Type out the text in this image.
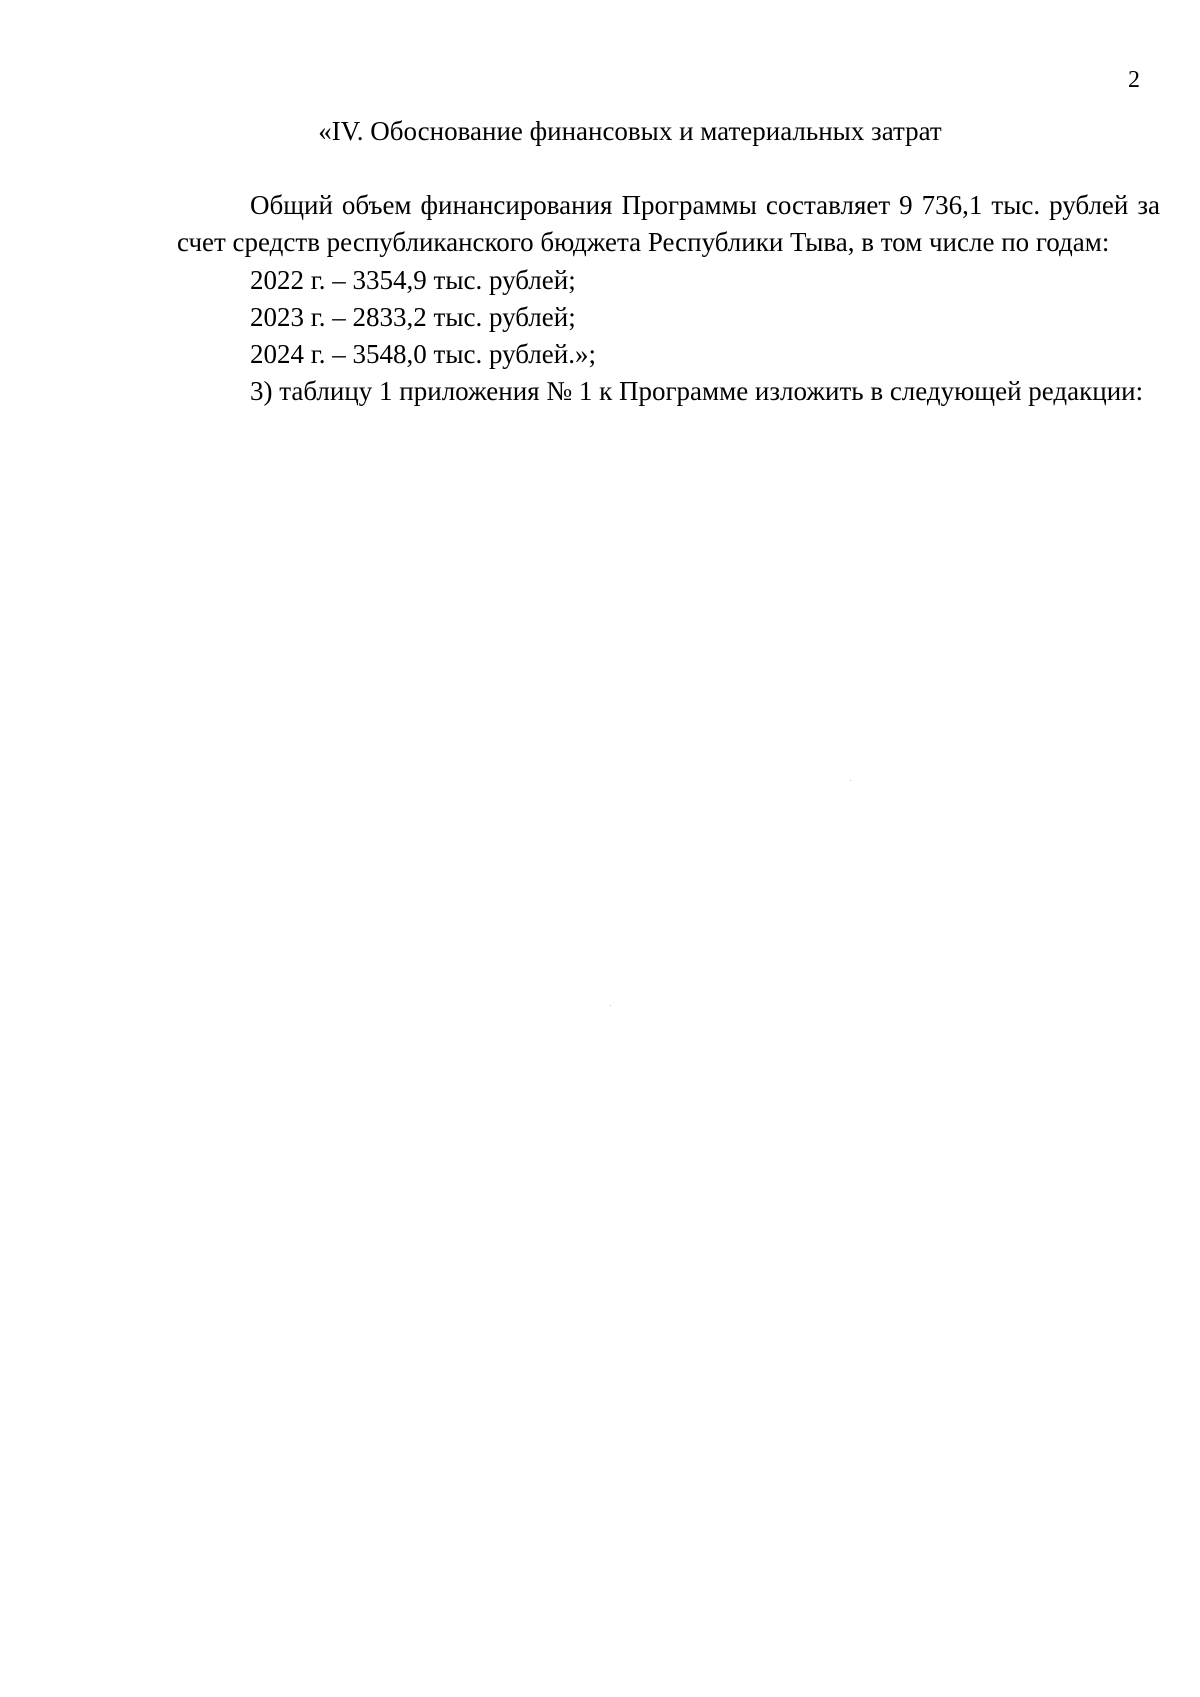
2
«IV. Обоснование финансовых и материальных затрат

Общий объем финансирования Программы составляет 9 736,1 тыс. рублей за счет средств республиканского бюджета Республики Тыва, в том числе по годам:

2022 г. – 3354,9 тыс. рублей;

2023 г. – 2833,2 тыс. рублей;

2024 г. – 3548,0 тыс. рублей.»;

3) таблицу 1 приложения № 1 к Программе изложить в следующей редакции:
